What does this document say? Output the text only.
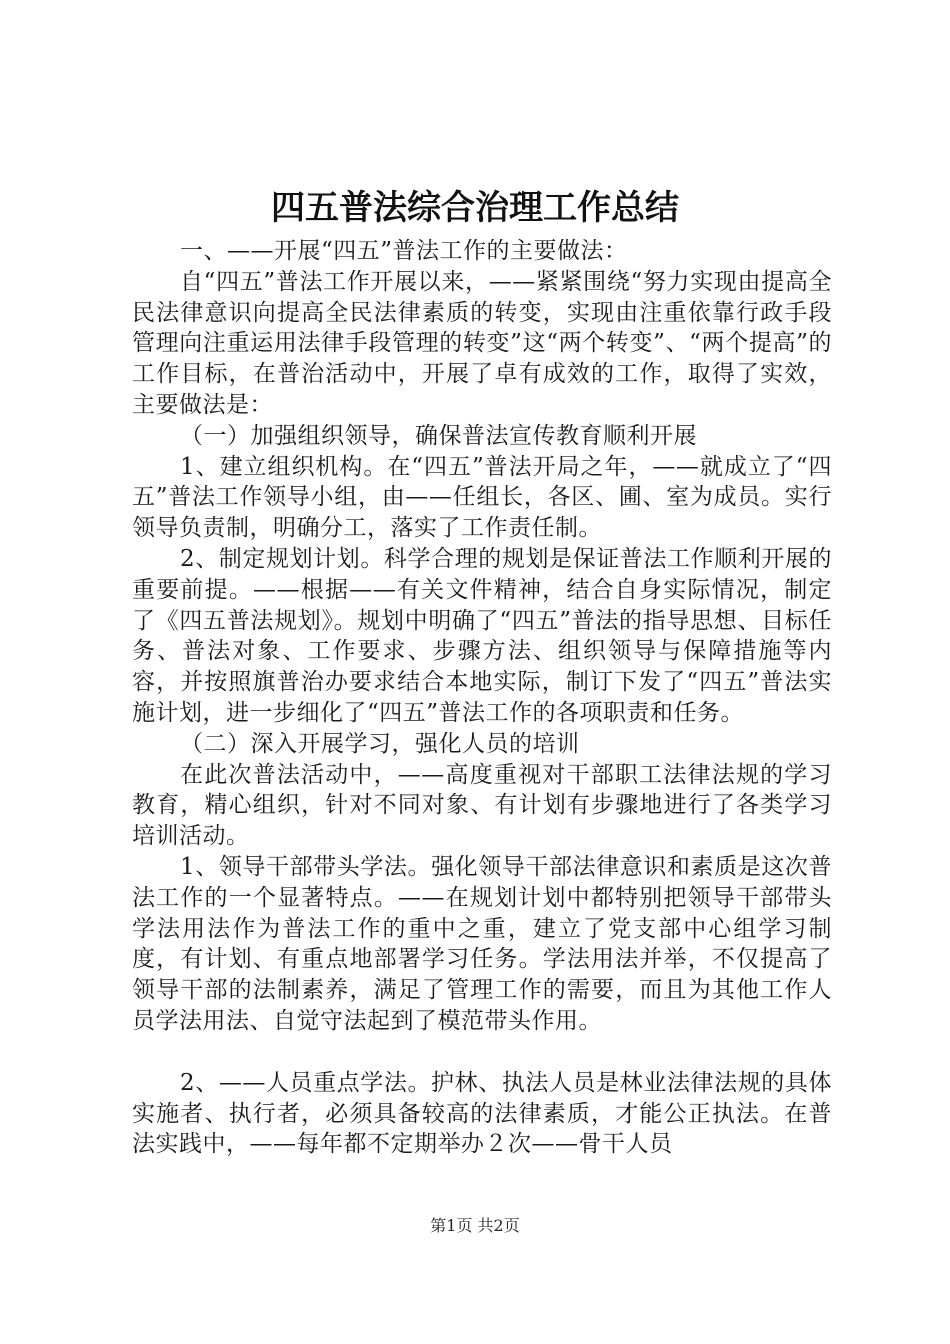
四五普法综合治理工作总结

一、——开展“四五”普法工作的主要做法：

自“四五”普法工作开展以来，——紧紧围绕“努力实现由提高全民法律意识向提高全民法律素质的转变，实现由注重依靠行政手段管理向注重运用法律手段管理的转变”这“两个转变”、“两个提高”的工作目标，在普治活动中，开展了卓有成效的工作，取得了实效，主要做法是：

（一）加强组织领导，确保普法宣传教育顺利开展

1、建立组织机构。在“四五”普法开局之年，——就成立了“四五”普法工作领导小组，由——任组长，各区、圃、室为成员。实行领导负责制，明确分工，落实了工作责任制。

2、制定规划计划。科学合理的规划是保证普法工作顺利开展的重要前提。——根据——有关文件精神，结合自身实际情况，制定了《四五普法规划》。规划中明确了“四五”普法的指导思想、目标任务、普法对象、工作要求、步骤方法、组织领导与保障措施等内容，并按照旗普治办要求结合本地实际，制订下发了“四五”普法实施计划，进一步细化了“四五”普法工作的各项职责和任务。

（二）深入开展学习，强化人员的培训

在此次普法活动中，——高度重视对干部职工法律法规的学习教育，精心组织，针对不同对象、有计划有步骤地进行了各类学习培训活动。

1、领导干部带头学法。强化领导干部法律意识和素质是这次普法工作的一个显著特点。——在规划计划中都特别把领导干部带头学法用法作为普法工作的重中之重，建立了党支部中心组学习制度，有计划、有重点地部署学习任务。学法用法并举，不仅提高了领导干部的法制素养，满足了管理工作的需要，而且为其他工作人员学法用法、自觉守法起到了模范带头作用。

2、——人员重点学法。护林、执法人员是林业法律法规的具体实施者、执行者，必须具备较高的法律素质，才能公正执法。在普法实践中，——每年都不定期举办２次——骨干人员

第1页 共2页
